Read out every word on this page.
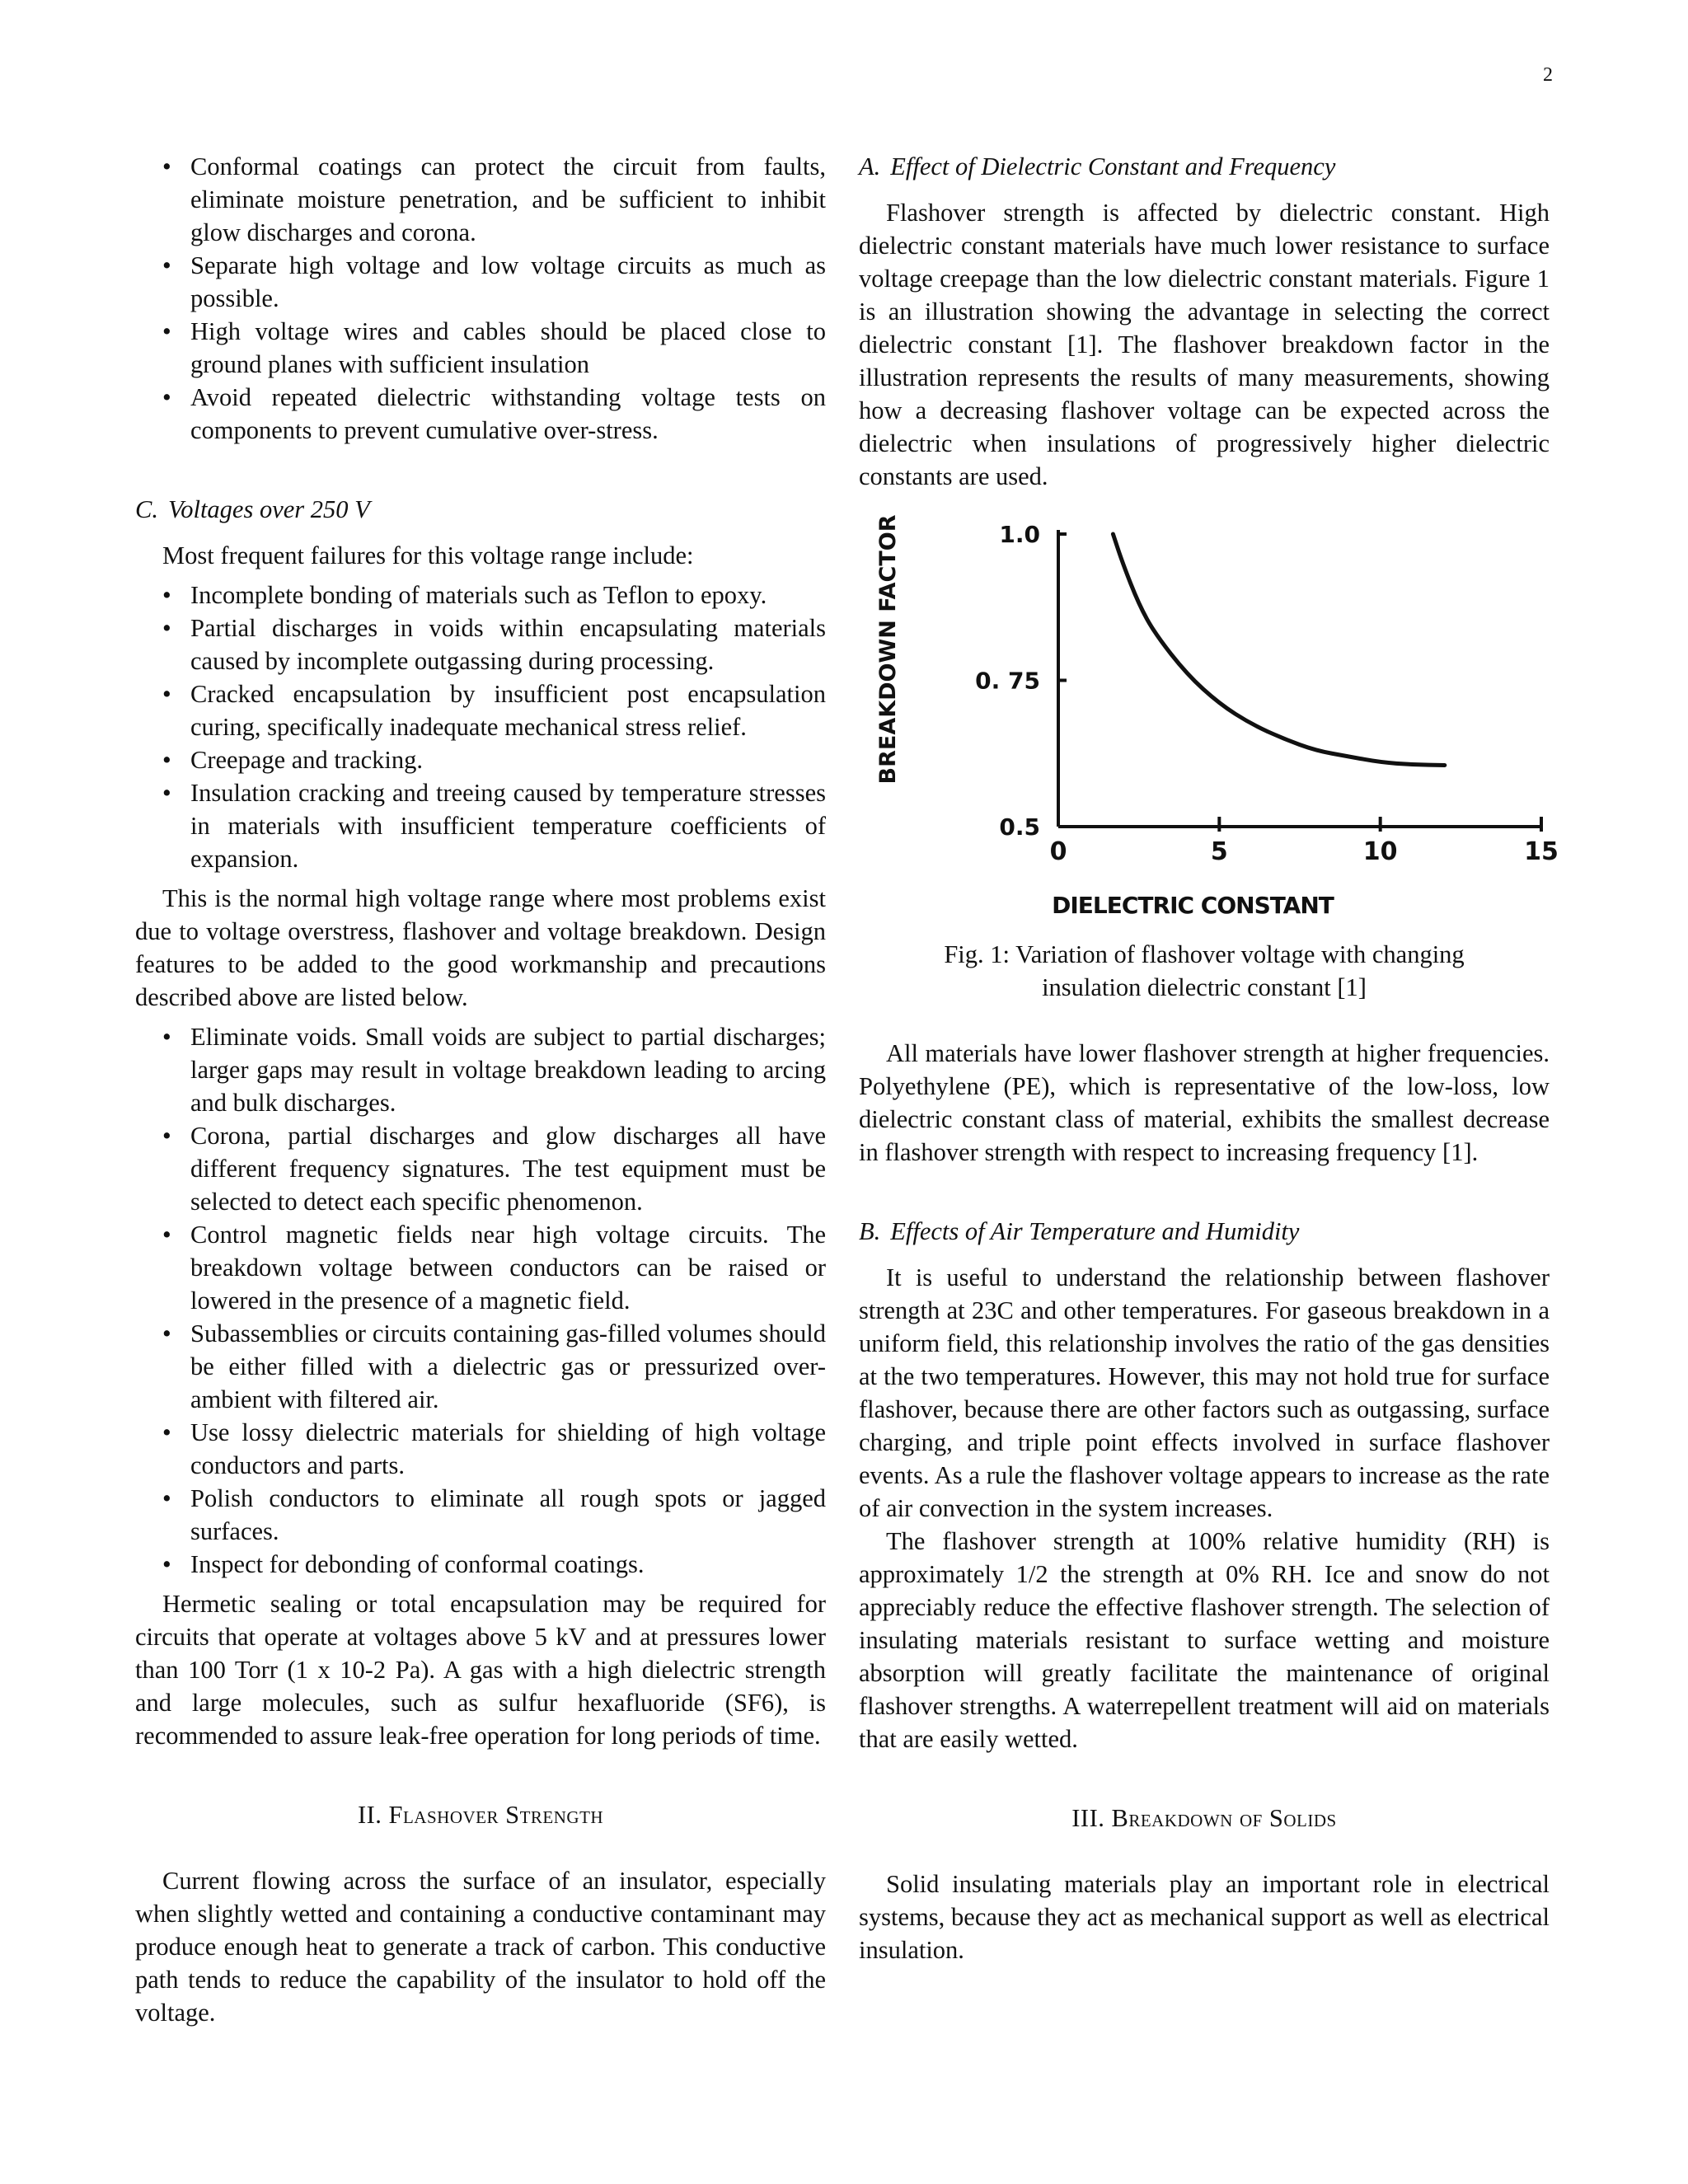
2
• Conformal coatings can protect the circuit from faults, eliminate moisture penetration, and be sufficient to inhibit glow discharges and corona.
• Separate high voltage and low voltage circuits as much as possible.
• High voltage wires and cables should be placed close to ground planes with sufficient insulation
• Avoid repeated dielectric withstanding voltage tests on components to prevent cumulative over-stress.
C. Voltages over 250 V

Most frequent failures for this voltage range include:

• Incomplete bonding of materials such as Teflon to epoxy.
• Partial discharges in voids within encapsulating materials caused by incomplete outgassing during processing.
• Cracked encapsulation by insufficient post encapsulation curing, specifically inadequate mechanical stress relief.
• Creepage and tracking.
• Insulation cracking and treeing caused by temperature stresses in materials with insufficient temperature coefficients of expansion.

This is the normal high voltage range where most problems exist due to voltage overstress, flashover and voltage breakdown. Design features to be added to the good workmanship and precautions described above are listed below.

• Eliminate voids. Small voids are subject to partial discharges; larger gaps may result in voltage breakdown leading to arcing and bulk discharges.
• Corona, partial discharges and glow discharges all have different frequency signatures. The test equipment must be selected to detect each specific phenomenon.
• Control magnetic fields near high voltage circuits. The breakdown voltage between conductors can be raised or lowered in the presence of a magnetic field.
• Subassemblies or circuits containing gas-filled volumes should be either filled with a dielectric gas or pressurized over-ambient with filtered air.
• Use lossy dielectric materials for shielding of high voltage conductors and parts.
• Polish conductors to eliminate all rough spots or jagged surfaces.
• Inspect for debonding of conformal coatings.

Hermetic sealing or total encapsulation may be required for circuits that operate at voltages above 5 kV and at pressures lower than 100 Torr (1 x 10-2 Pa). A gas with a high dielectric strength and large molecules, such as sulfur hexafluoride (SF6), is recommended to assure leak-free operation for long periods of time.

II. Flashover Strength

Current flowing across the surface of an insulator, especially when slightly wetted and containing a conductive contaminant may produce enough heat to generate a track of carbon. This conductive path tends to reduce the capability of the insulator to hold off the voltage.

A. Effect of Dielectric Constant and Frequency

Flashover strength is affected by dielectric constant. High dielectric constant materials have much lower resistance to surface voltage creepage than the low dielectric constant materials. Figure 1 is an illustration showing the advantage in selecting the correct dielectric constant [1]. The flashover breakdown factor in the illustration represents the results of many measurements, showing how a decreasing flashover voltage can be expected across the dielectric when insulations of progressively higher dielectric constants are used.

BREAKDOWN FACTOR
0.5
0. 75
1.0
0	5	10	15
DIELECTRIC CONSTANT

Fig. 1: Variation of flashover voltage with changing insulation dielectric constant [1]

All materials have lower flashover strength at higher frequencies. Polyethylene (PE), which is representative of the low-loss, low dielectric constant class of material, exhibits the smallest decrease in flashover strength with respect to increasing frequency [1].

B. Effects of Air Temperature and Humidity

It is useful to understand the relationship between flashover strength at 23C and other temperatures. For gaseous breakdown in a uniform field, this relationship involves the ratio of the gas densities at the two temperatures. However, this may not hold true for surface flashover, because there are other factors such as outgassing, surface charging, and triple point effects involved in surface flashover events. As a rule the flashover voltage appears to increase as the rate of air convection in the system increases.

The flashover strength at 100% relative humidity (RH) is approximately 1/2 the strength at 0% RH. Ice and snow do not appreciably reduce the effective flashover strength. The selection of insulating materials resistant to surface wetting and moisture absorption will greatly facilitate the maintenance of original flashover strengths. A waterrepellent treatment will aid on materials that are easily wetted.

III. Breakdown of Solids

Solid insulating materials play an important role in electrical systems, because they act as mechanical support as well as electrical insulation.
